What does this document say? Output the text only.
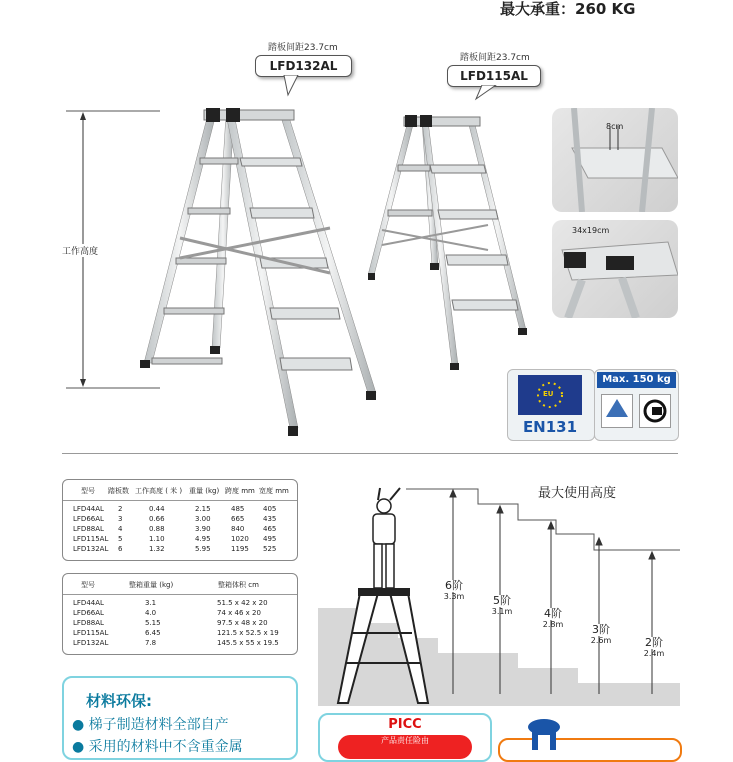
最大承重：260 KG
踏板间距23.7cm
LFD132AL
踏板间距23.7cm
LFD115AL
工作高度
8cm
34x19cm
EU
EN131
Max. 150 kg
型号 踏板数 工作高度 ( 米 ) 重量 (kg) 跨度 mm 宽度 mm
LFD44AL 2	0.44	2.15	485	405
LFD66AL 3	0.66	3.00	665	435
LFD88AL 4	0.88	3.90	840	465
LFD115AL 5	1.10	4.95	1020 495
LFD132AL 6	1.32	5.95	1195 525
型号	整箱重量 (kg)	整箱体积 cm
LFD44AL	3.1	51.5 x 42 x 20
LFD66AL	4.0	74 x 46 x 20
LFD88AL	5.15	97.5 x 48 x 20
LFD115AL	6.45	121.5 x 52.5 x 19
LFD132AL	7.8	145.5 x 55 x 19.5
最大使用高度
6阶
3.3m	5阶
3.1m	4阶
2.8m	3阶
2.6m	2阶
2.4m
材料环保:
● 梯子制造材料全部自产
● 采用的材料中不含重金属
PICC
产品责任险由
